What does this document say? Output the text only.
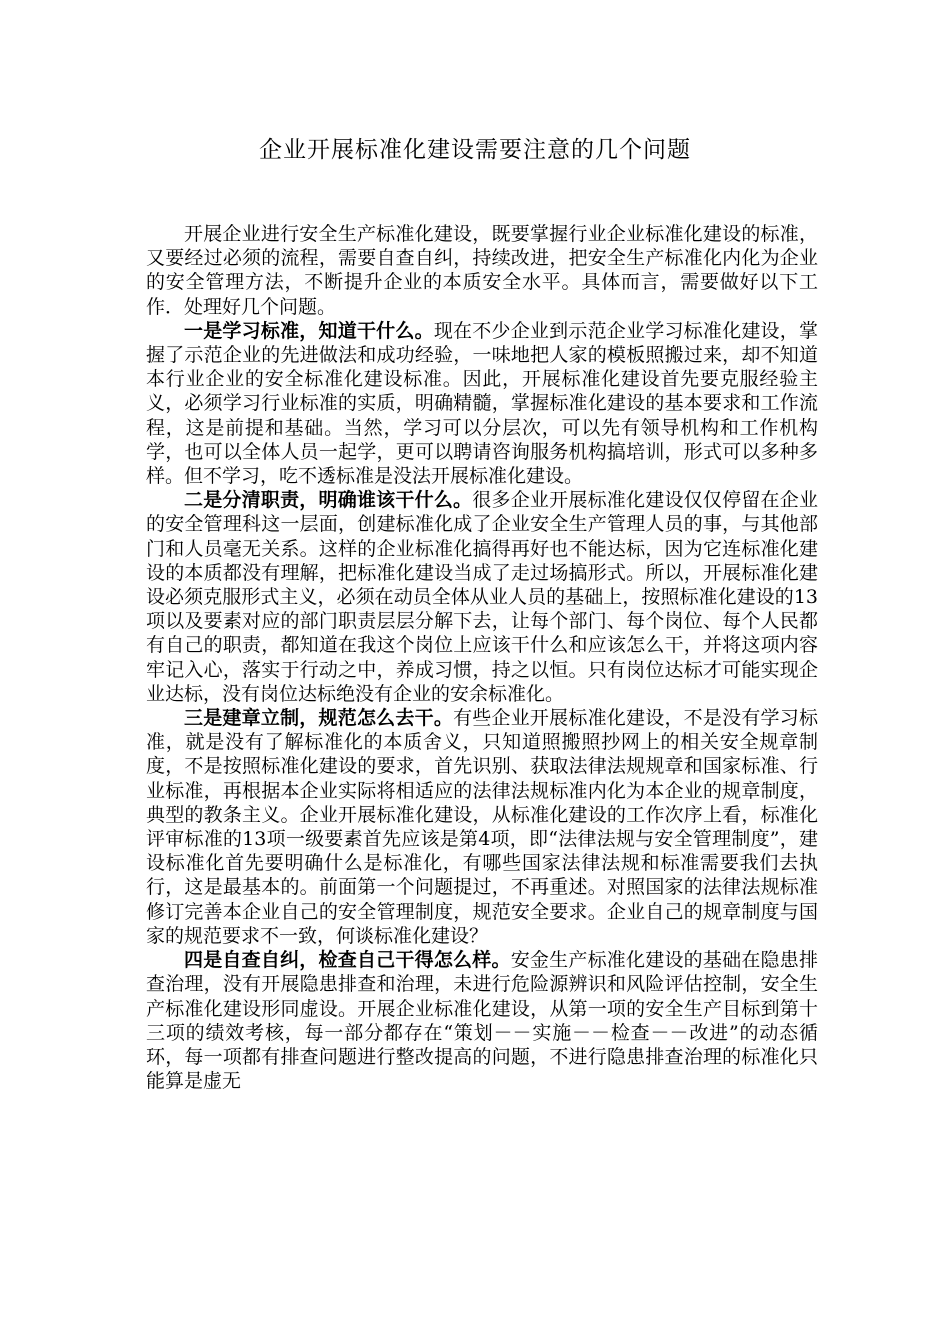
企业开展标准化建设需要注意的几个问题

开展企业进行安全生产标准化建设，既要掌握行业企业标准化建设的标准，又要经过必须的流程，需要自查自纠，持续改进，把安全生产标准化内化为企业的安全管理方法，不断提升企业的本质安全水平。具体而言，需要做好以下工作．处理好几个问题。

一是学习标准，知道干什么。现在不少企业到示范企业学习标准化建设，掌握了示范企业的先进做法和成功经验，一味地把人家的模板照搬过来，却不知道本行业企业的安全标准化建设标准。因此，开展标准化建设首先要克服经验主义，必须学习行业标准的实质，明确精髓，掌握标准化建设的基本要求和工作流程，这是前提和基础。当然，学习可以分层次，可以先有领导机构和工作机构学，也可以全体人员一起学，更可以聘请咨询服务机构搞培训，形式可以多种多样。但不学习，吃不透标准是没法开展标准化建设。

二是分清职责，明确谁该干什么。很多企业开展标准化建设仅仅停留在企业的安全管理科这一层面，创建标准化成了企业安全生产管理人员的事，与其他部门和人员毫无关系。这样的企业标准化搞得再好也不能达标，因为它连标准化建设的本质都没有理解，把标准化建设当成了走过场搞形式。所以，开展标准化建设必须克服形式主义，必须在动员全体从业人员的基础上，按照标准化建设的13项以及要素对应的部门职责层层分解下去，让每个部门、每个岗位、每个人民都有自己的职责，都知道在我这个岗位上应该干什么和应该怎么干，并将这项内容牢记入心，落实于行动之中，养成习惯，持之以恒。只有岗位达标才可能实现企业达标，没有岗位达标绝没有企业的安余标准化。

三是建章立制，规范怎么去干。有些企业开展标准化建设，不是没有学习标准，就是没有了解标准化的本质舍义，只知道照搬照抄网上的相关安全规章制度，不是按照标准化建设的要求，首先识别、获取法律法规规章和国家标准、行业标准，再根据本企业实际将相适应的法律法规标准内化为本企业的规章制度，典型的教条主义。企业开展标准化建设，从标准化建设的工作次序上看，标准化评审标准的13项一级要素首先应该是第4项，即“法律法规与安全管理制度”，建设标准化首先要明确什么是标准化，有哪些国家法律法规和标准需要我们去执行，这是最基本的。前面第一个问题提过，不再重述。对照国家的法律法规标准修订完善本企业自己的安全管理制度，规范安全要求。企业自己的规章制度与国家的规范要求不一致，何谈标准化建设？

四是自查自纠，检查自己干得怎么样。安金生产标准化建设的基础在隐患排查治理，没有开展隐患排查和治理，未进行危险源辨识和风险评估控制，安全生产标准化建设形同虚设。开展企业标准化建设，从第一项的安全生产目标到第十三项的绩效考核，每一部分都存在“策划－－实施－－检查－－改进”的动态循环，每一项都有排查问题进行整改提高的问题，不进行隐患排查治理的标准化只能算是虚无
